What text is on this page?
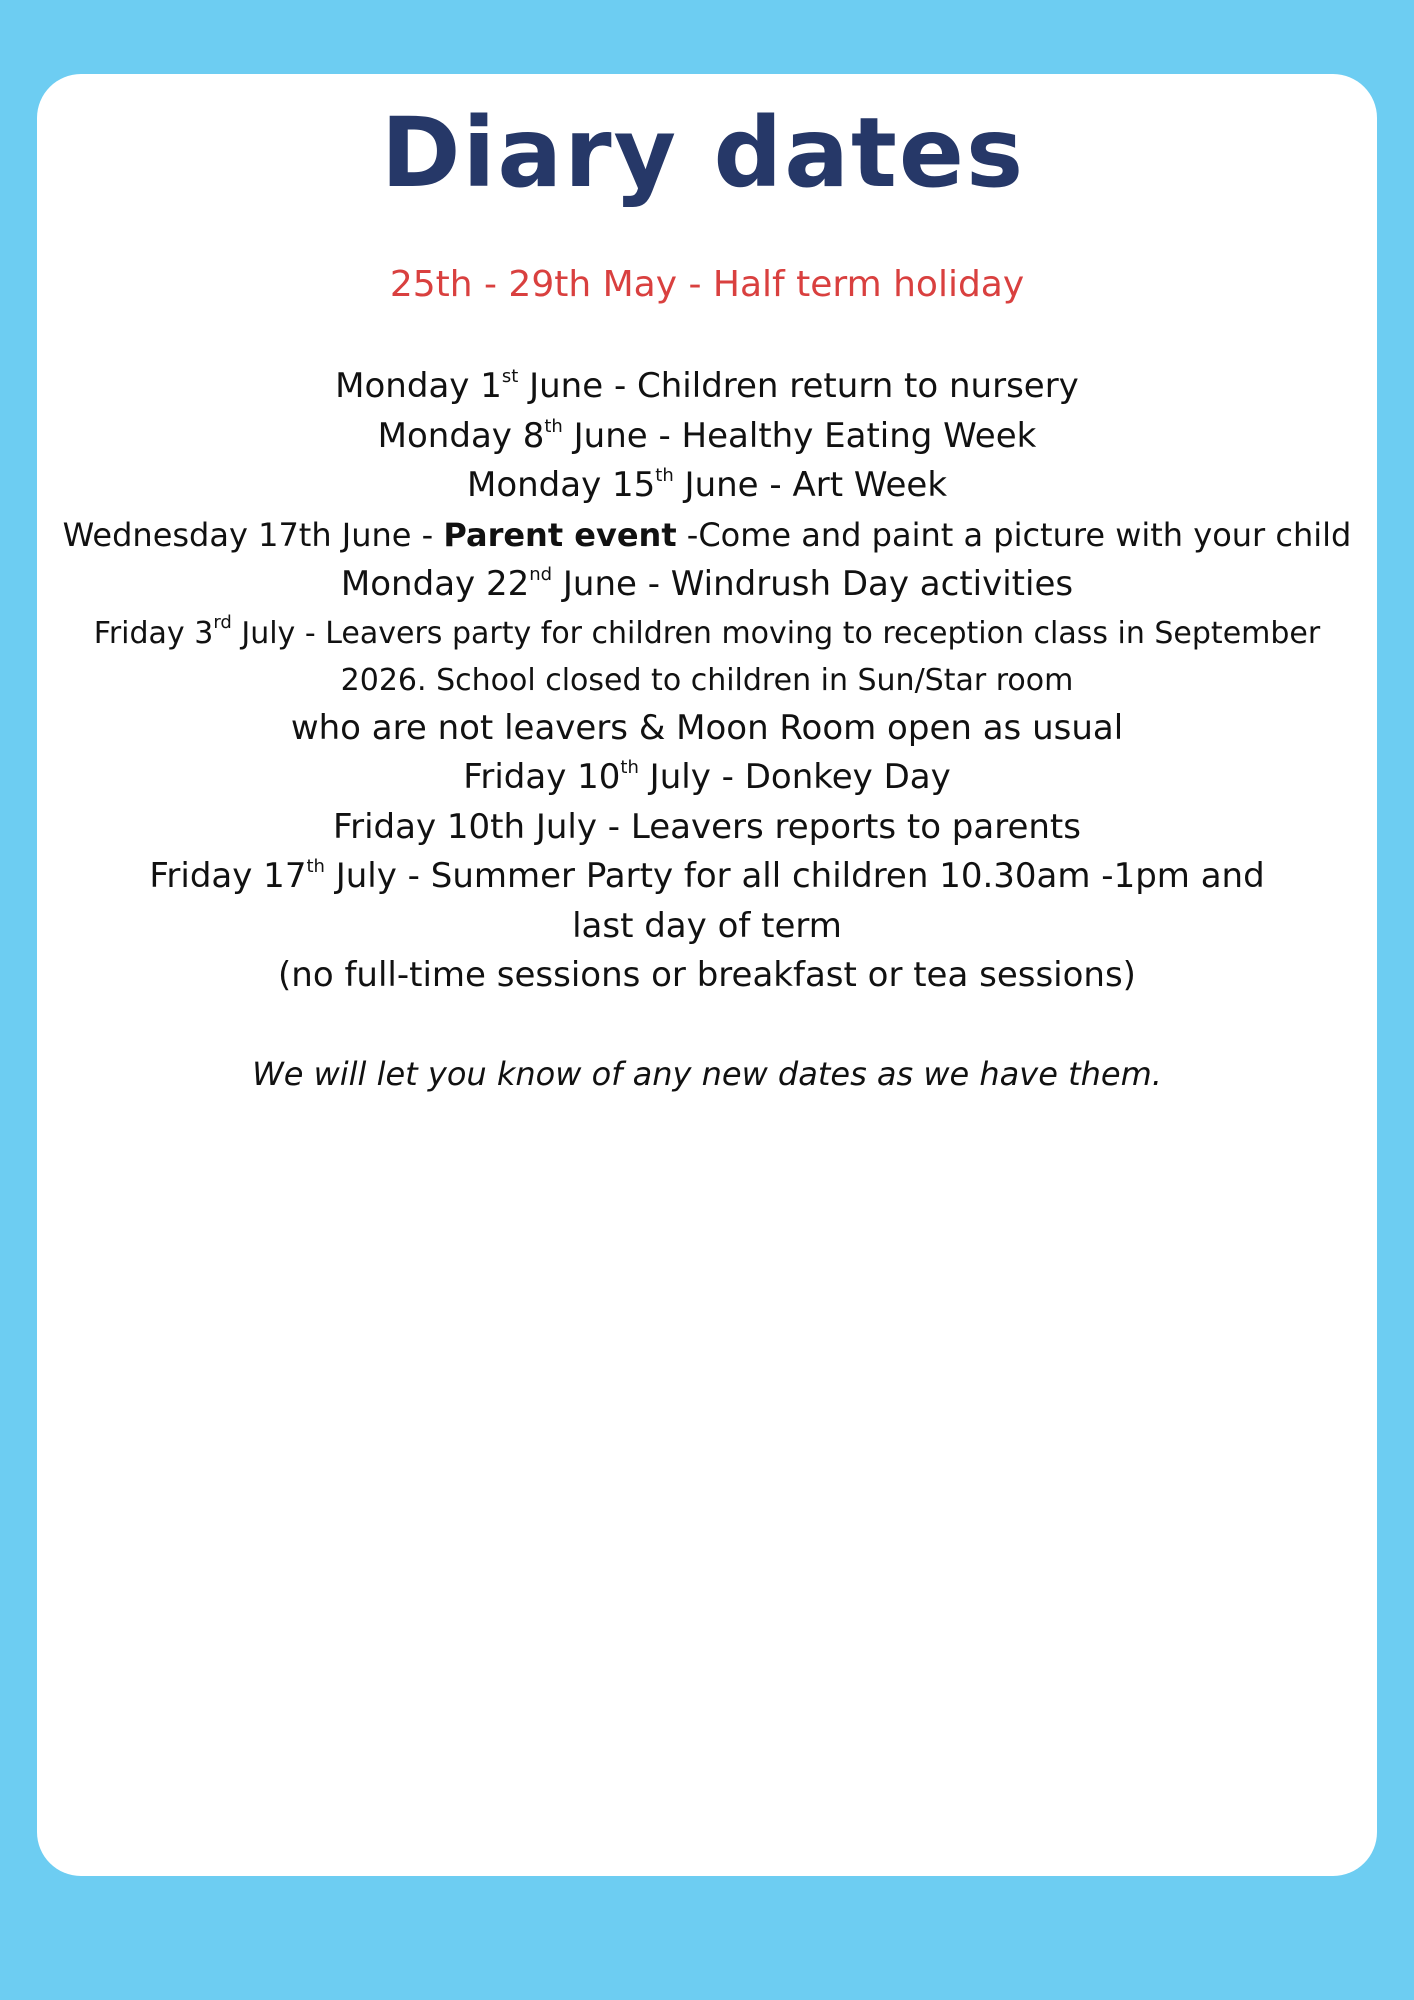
Diary dates
25th - 29th May - Half term holiday
Monday 1st June - Children return to nursery
Monday 8th June - Healthy Eating Week
Monday 15th June - Art Week
Wednesday 17th June - Parent event -Come and paint a picture with your child
Monday 22nd June - Windrush Day activities
Friday 3rd July - Leavers party for children moving to reception class in September
2026. School closed to children in Sun/Star room
who are not leavers & Moon Room open as usual
Friday 10th July - Donkey Day
Friday 10th July - Leavers reports to parents
Friday 17th July - Summer Party for all children 10.30am -1pm and
last day of term
(no full-time sessions or breakfast or tea sessions)
We will let you know of any new dates as we have them.
